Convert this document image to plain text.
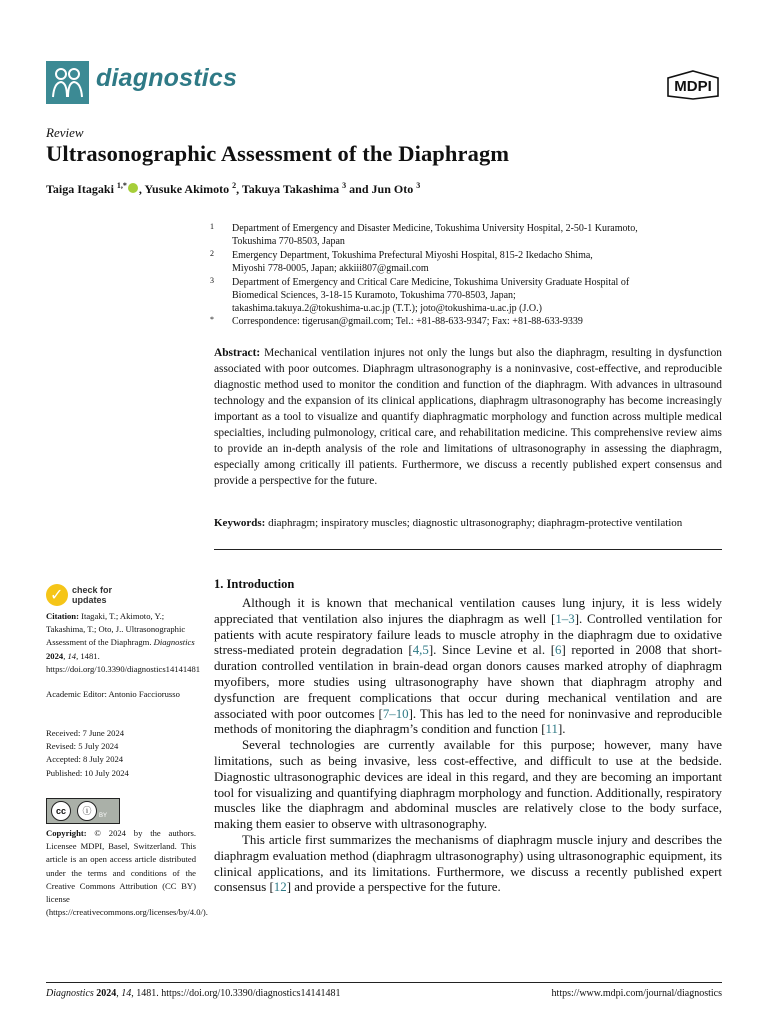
diagnostics	MDPI
Review
Ultrasonographic Assessment of the Diaphragm
Taiga Itagaki $^{1,*}$ , Yusuke Akimoto $^2$, Takuya Takashima $^3$ and Jun Oto $^3$
1	Department of Emergency and Disaster Medicine, Tokushima University Hospital, 2-50-1 Kuramoto,
Tokushima 770-8503, Japan
2	Emergency Department, Tokushima Prefectural Miyoshi Hospital, 815-2 Ikedacho Shima,
Miyoshi 778-0005, Japan; akkiii807@gmail.com
3	Department of Emergency and Critical Care Medicine, Tokushima University Graduate Hospital of
Biomedical Sciences, 3-18-15 Kuramoto, Tokushima 770-8503, Japan;
takashima.takuya.2@tokushima-u.ac.jp (T.T.); joto@tokushima-u.ac.jp (J.O.)
*	Correspondence: tigerusan@gmail.com; Tel.: +81-88-633-9347; Fax: +81-88-633-9339
Abstract: Mechanical ventilation injures not only the lungs but also the diaphragm, resulting in dysfunction associated with poor outcomes. Diaphragm ultrasonography is a noninvasive, cost-effective, and reproducible diagnostic method used to monitor the condition and function of the diaphragm. With advances in ultrasound technology and the expansion of its clinical applications, diaphragm ultrasonography has become increasingly important as a tool to visualize and quantify diaphragmatic morphology and function across multiple medical specialties, including pulmonology, critical care, and rehabilitation medicine. This comprehensive review aims to provide an in-depth analysis of the role and limitations of ultrasonography in assessing the diaphragm, especially among critically ill patients. Furthermore, we discuss a recently published expert consensus and provide a perspective for the future.
Keywords: diaphragm; inspiratory muscles; diagnostic ultrasonography; diaphragm-protective ventilation
✓ check for
updates
Citation: Itagaki, T.; Akimoto, Y.; Takashima, T.; Oto, J.. Ultrasonographic Assessment of the Diaphragm. Diagnostics 2024, 14, 1481. https://doi.org/10.3390/diagnostics14141481
Academic Editor: Antonio Facciorusso
Received: 7 June 2024
Revised: 5 July 2024
Accepted: 8 July 2024
Published: 10 July 2024
cc	ⓘ	BY
Copyright: © 2024 by the authors. Licensee MDPI, Basel, Switzerland. This article is an open access article distributed under the terms and conditions of the Creative Commons Attribution (CC BY) license (https://creativecommons.org/licenses/by/4.0/).
1. Introduction

Although it is known that mechanical ventilation causes lung injury, it is less widely appreciated that ventilation also injures the diaphragm as well [1–3]. Controlled ventilation for patients with acute respiratory failure leads to muscle atrophy in the diaphragm due to oxidative stress-mediated protein degradation [4,5]. Since Levine et al. [6] reported in 2008 that short-duration controlled ventilation in brain-dead organ donors causes marked atrophy of diaphragm myofibers, more studies using ultrasonography have shown that diaphragm atrophy and dysfunction are frequent complications that occur during mechanical ventilation and are associated with poor outcomes [7–10]. This has led to the need for noninvasive and reproducible methods of monitoring the diaphragm’s condition and function [11].

Several technologies are currently available for this purpose; however, many have limitations, such as being invasive, less cost-effective, and difficult to use at the bedside. Diagnostic ultrasonographic devices are ideal in this regard, and they are becoming an important tool for visualizing and quantifying diaphragm morphology and function. Additionally, respiratory muscles like the diaphragm and abdominal muscles are relatively close to the body surface, making them easier to observe with ultrasonography.

This article first summarizes the mechanisms of diaphragm muscle injury and describes the diaphragm evaluation method (diaphragm ultrasonography) using ultrasonographic equipment, its clinical applications, and its limitations. Furthermore, we discuss a recently published expert consensus [12] and provide a perspective for the future.

Diagnostics 2024, 14, 1481. https://doi.org/10.3390/diagnostics14141481	https://www.mdpi.com/journal/diagnostics
